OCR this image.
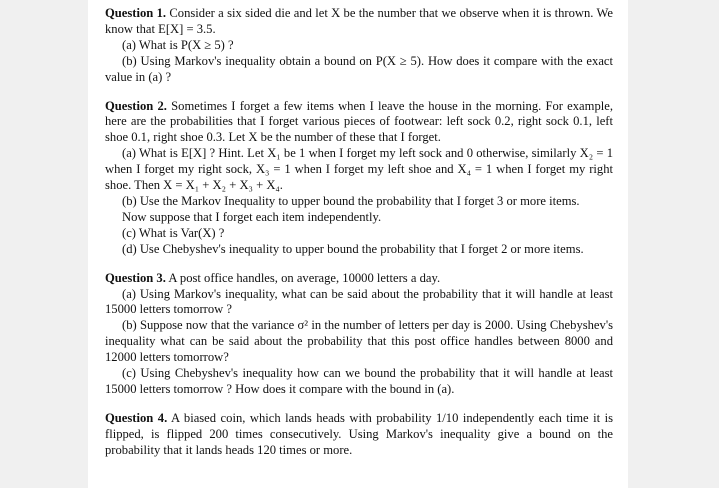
Question 1. Consider a six sided die and let X be the number that we observe when it is thrown. We know that E[X] = 3.5.

(a) What is P(X ≥ 5) ?

(b) Using Markov's inequality obtain a bound on P(X ≥ 5). How does it compare with the exact value in (a) ?

Question 2. Sometimes I forget a few items when I leave the house in the morning. For example, here are the probabilities that I forget various pieces of footwear: left sock 0.2, right sock 0.1, left shoe 0.1, right shoe 0.3. Let X be the number of these that I forget.

(a) What is E[X] ? Hint. Let X₁ be 1 when I forget my left sock and 0 otherwise, similarly X₂ = 1 when I forget my right sock, X₃ = 1 when I forget my left shoe and X₄ = 1 when I forget my right shoe. Then X = X₁ + X₂ + X₃ + X₄.

(b) Use the Markov Inequality to upper bound the probability that I forget 3 or more items.

Now suppose that I forget each item independently.

(c) What is Var(X) ?

(d) Use Chebyshev's inequality to upper bound the probability that I forget 2 or more items.

Question 3. A post office handles, on average, 10000 letters a day.

(a) Using Markov's inequality, what can be said about the probability that it will handle at least 15000 letters tomorrow ?

(b) Suppose now that the variance σ² in the number of letters per day is 2000. Using Chebyshev's inequality what can be said about the probability that this post office handles between 8000 and 12000 letters tomorrow?

(c) Using Chebyshev's inequality how can we bound the probability that it will handle at least 15000 letters tomorrow ? How does it compare with the bound in (a).

Question 4. A biased coin, which lands heads with probability 1/10 independently each time it is flipped, is flipped 200 times consecutively. Using Markov's inequality give a bound on the probability that it lands heads 120 times or more.
